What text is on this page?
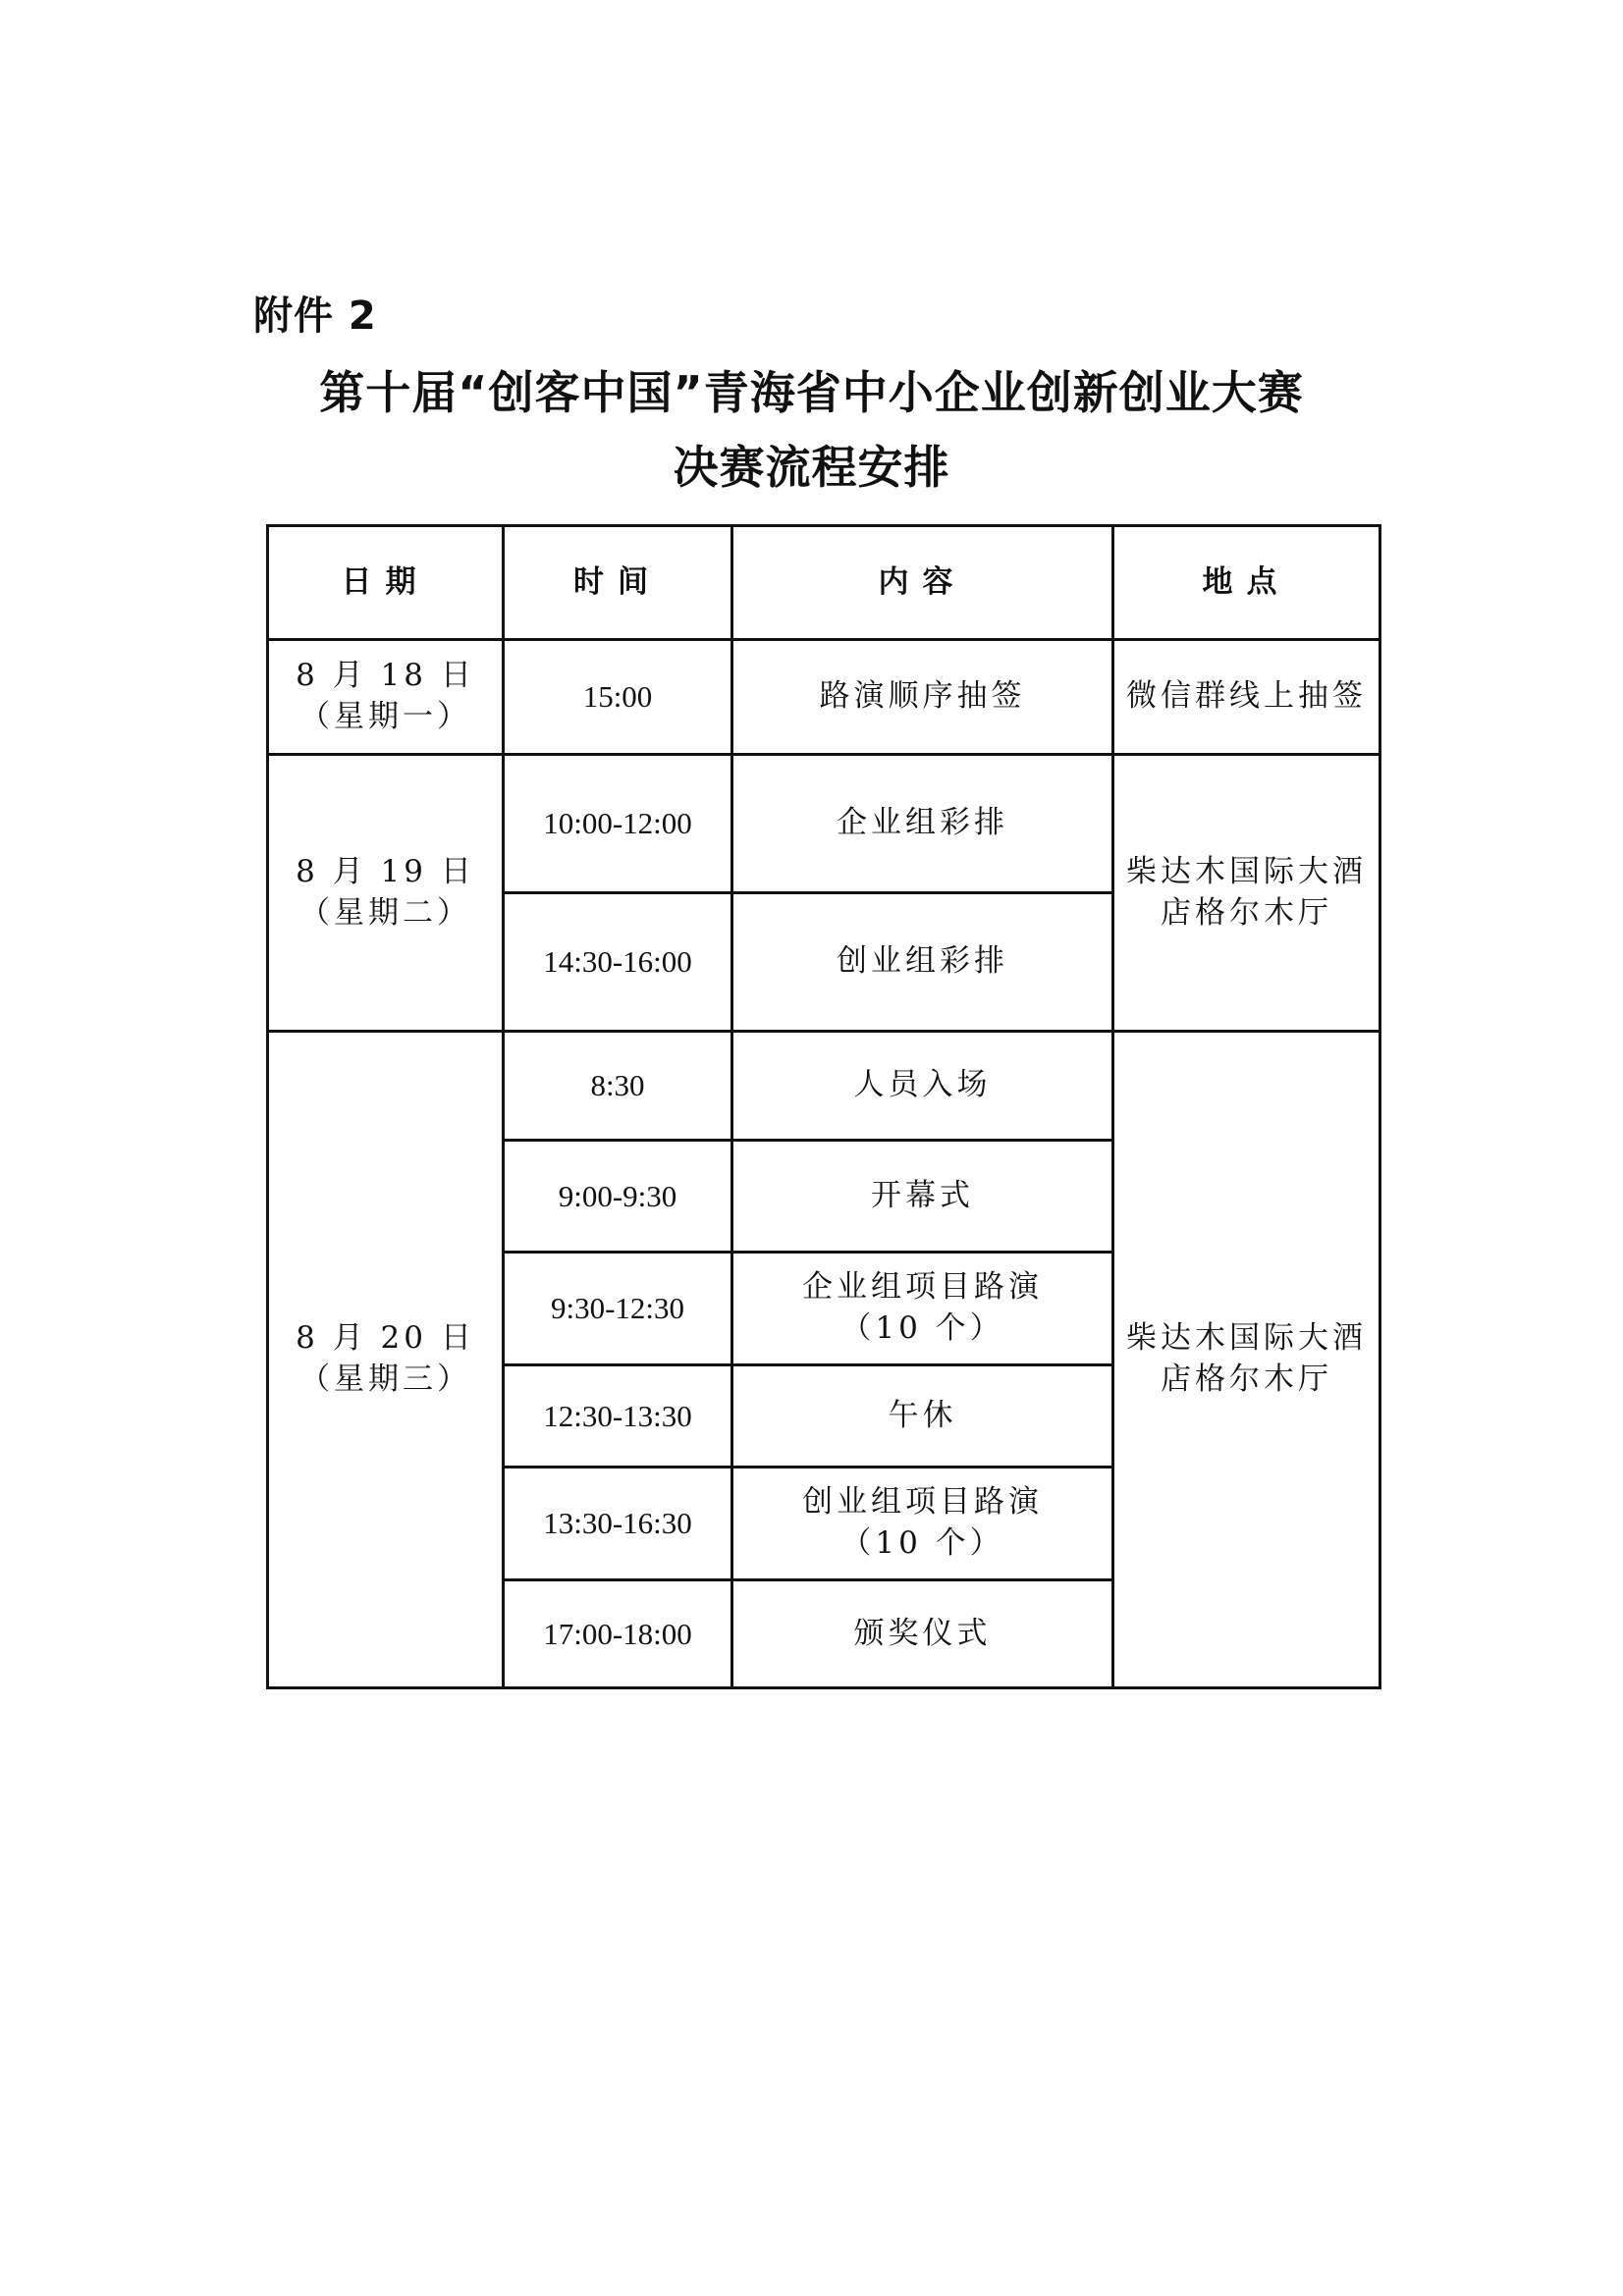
附件 2
第十届“创客中国”青海省中小企业创新创业大赛
决赛流程安排
日期	时间	内容	地点

8 月 18 日
（星期一）	15:00	路演顺序抽签	微信群线上抽签

8 月 19 日
（星期二）	10:00-12:00	企业组彩排	柴达木国际大酒
店格尔木厅

	14:30-16:00	创业组彩排	

8 月 20 日
（星期三）	8:30	人员入场	柴达木国际大酒
店格尔木厅

	9:00-9:30	开幕式	
	9:30-12:30	企业组项目路演
（10 个）	

	12:30-13:30	午休	
	13:30-16:30	创业组项目路演
（10 个）	

	17:00-18:00	颁奖仪式	
